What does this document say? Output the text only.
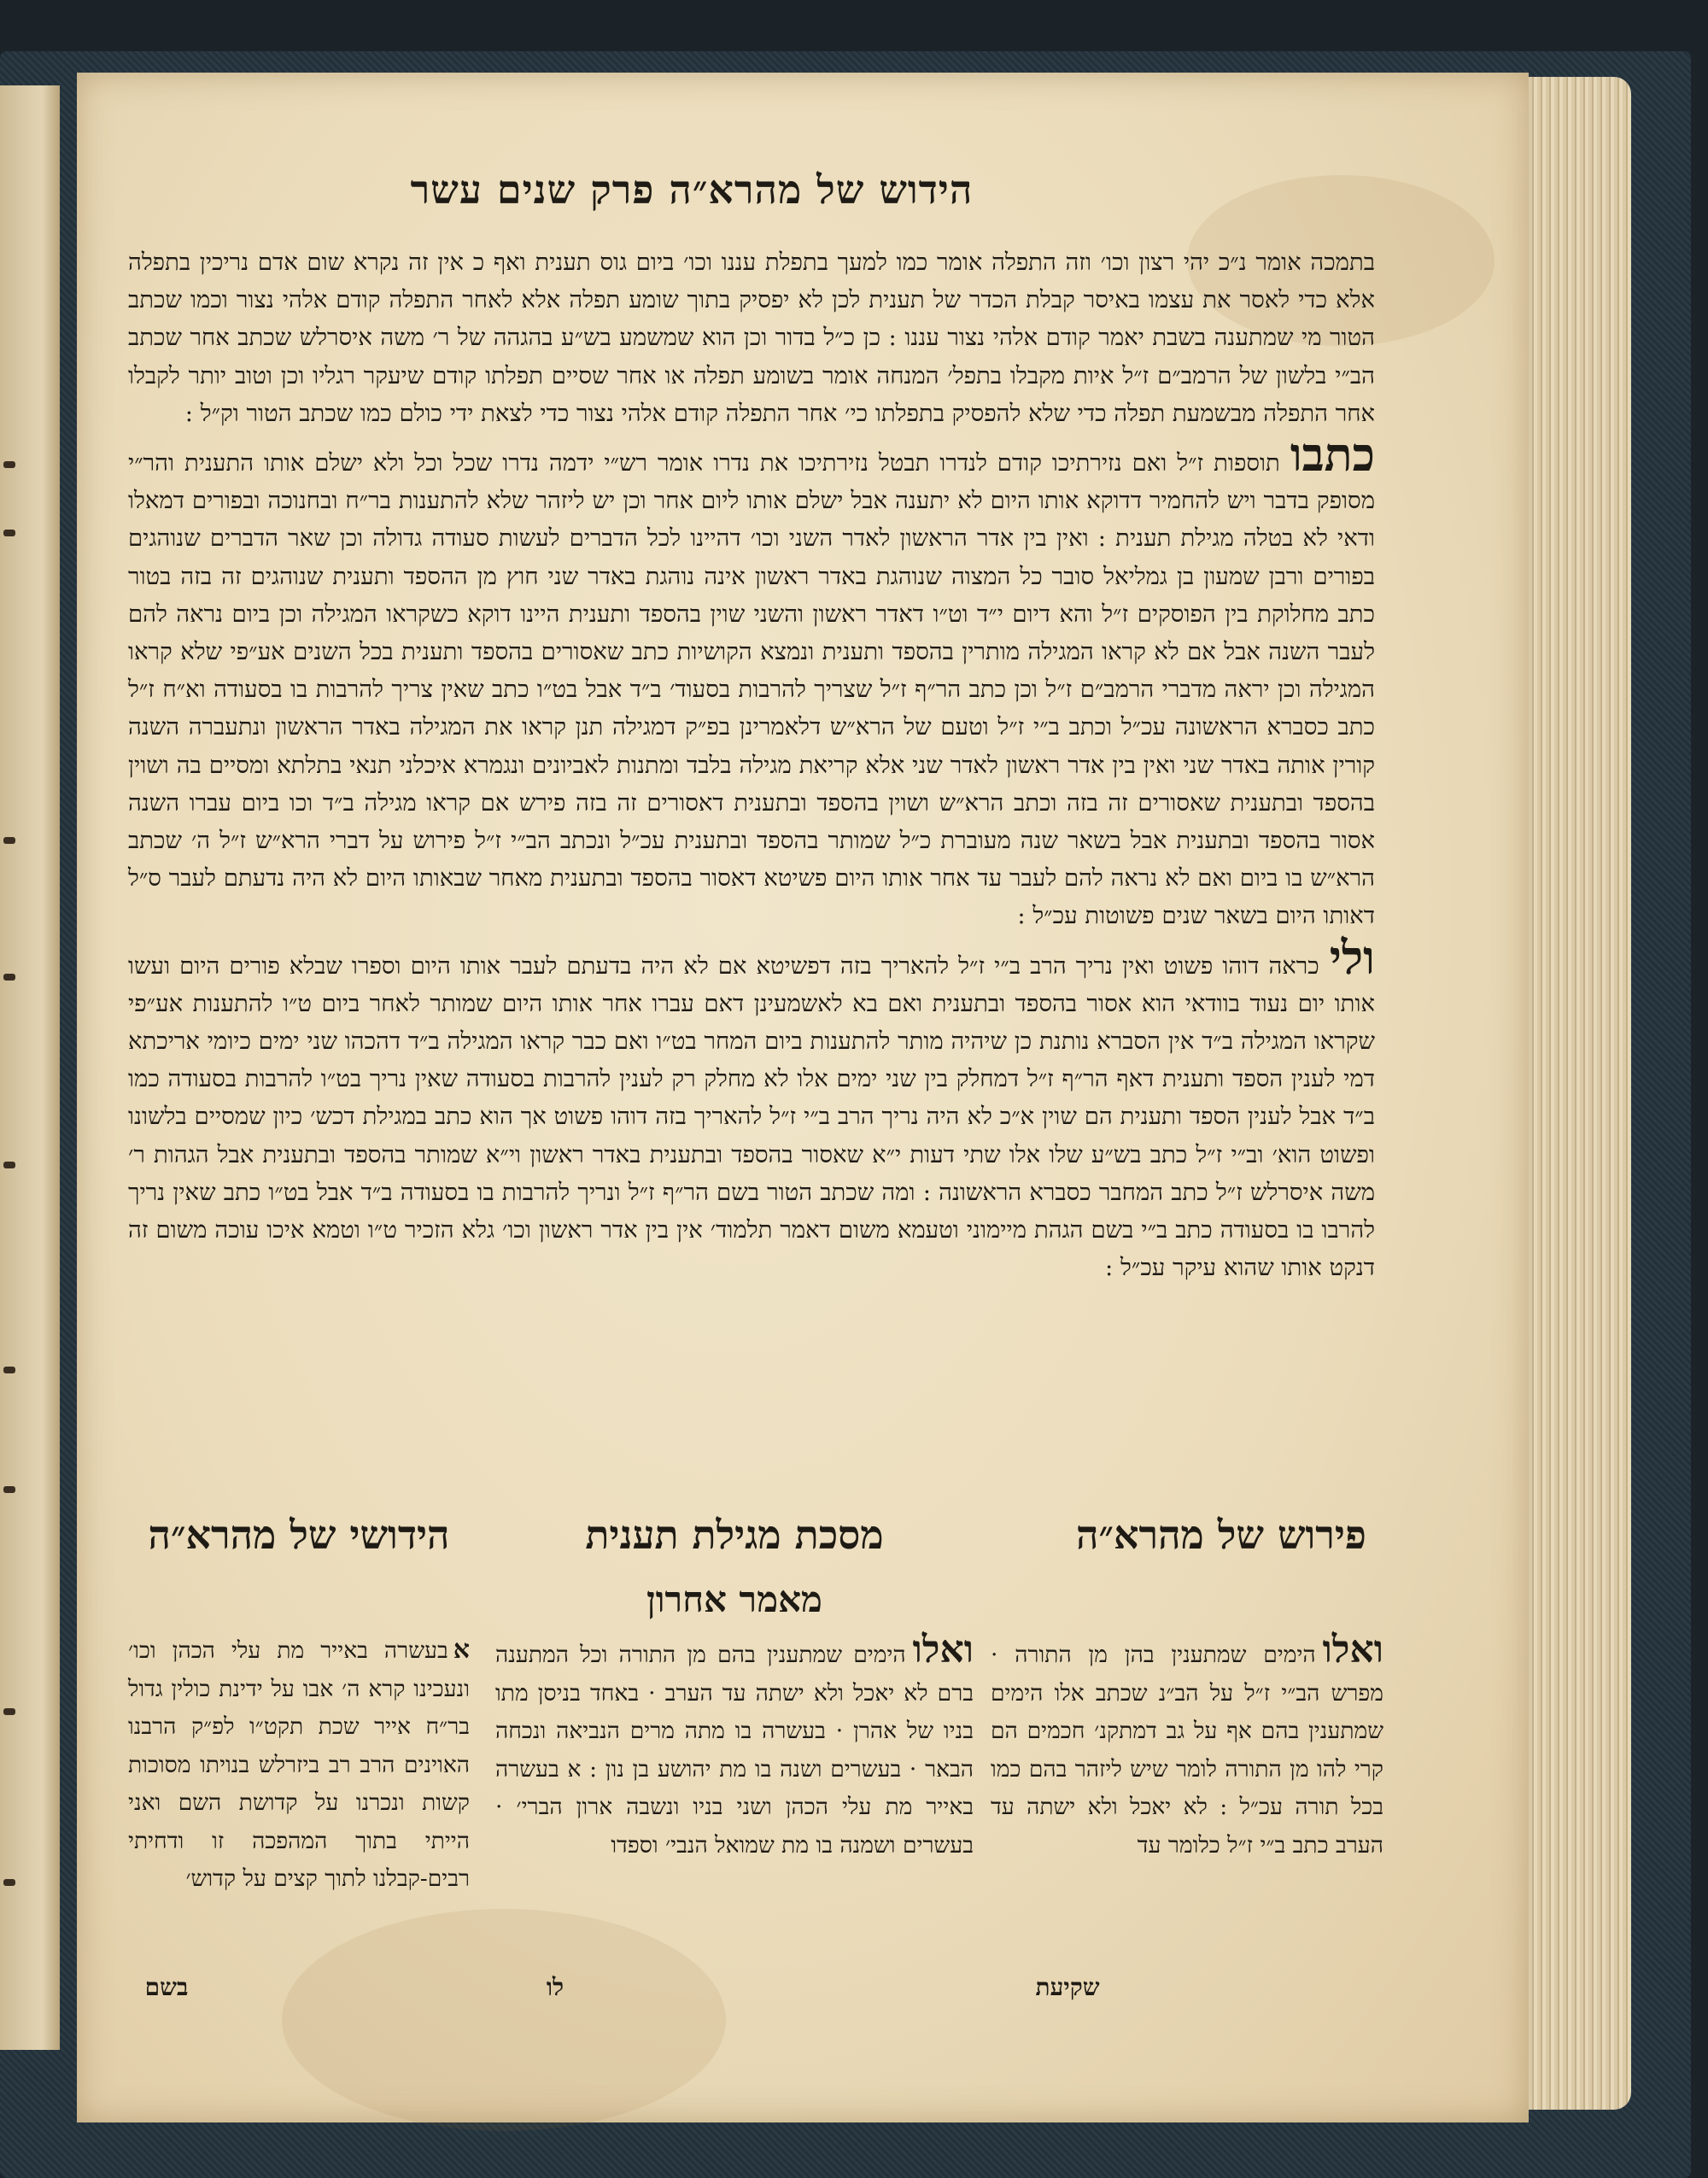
הידוש של מהרא״ה פרק שנים עשר

בתמכה אומר נ״כ יהי רצון וכו׳ וזה התפלה אומר כמו למעך בתפלת עננו וכו׳ ביום גוס תענית ואף כ אין זה נקרא שום אדם נריכין בתפלה אלא כדי לאסר את עצמו באיסר קבלת הכדר של תענית לכן לא יפסיק בתוך שומע תפלה אלא לאחר התפלה קודם אלהי נצור וכמו שכתב הטור מי שמתענה בשבת יאמר קודם אלהי נצור עננו : כן כ״ל בדור וכן הוא שמשמע בש״ע בהגהה של ר׳ משה איסרלש שכתב אחר שכתב הב״י בלשון של הרמב״ם ז״ל איות מקבלו בתפל׳ המנחה אומר בשומע תפלה או אחר שסיים תפלתו קודם שיעקר רגליו וכן וטוב יותר לקבלו אחר התפלה מבשמעת תפלה כדי שלא להפסיק בתפלתו כי׳ אחר התפלה קודם אלהי נצור כדי לצאת ידי כולם כמו שכתב הטור וק״ל :

כתבותוספות ז״ל ואם נזירתיכו קודם לנדרו תבטל נזירתיכו את נדרו אומר רש״י ידמה נדרו שכל וכל ולא ישלם אותו התענית והר״י מסופק בדבר ויש להחמיר דדוקא אותו היום לא יתענה אבל ישלם אותו ליום אחר וכן יש ליזהר שלא להתענות בר״ח ובחנוכה ובפורים דמאלו ודאי לא בטלה מגילת תענית : ואין בין אדר הראשון לאדר השני וכו׳ דהיינו לכל הדברים לעשות סעודה גדולה וכן שאר הדברים שנוהגים בפורים ורבן שמעון בן גמליאל סובר כל המצוה שנוהגת באדר ראשון אינה נוהגת באדר שני חוץ מן ההספד ותענית שנוהגים זה בזה בטור כתב מחלוקת בין הפוסקים ז״ל והא דיום י״ד וט״ו דאדר ראשון והשני שוין בהספד ותענית היינו דוקא כשקראו המגילה וכן ביום נראה להם לעבר השנה אבל אם לא קראו המגילה מותרין בהספד ותענית ונמצא הקושיות כתב שאסורים בהספד ותענית בכל השנים אע״פי שלא קראו המגילה וכן יראה מדברי הרמב״ם ז״ל וכן כתב הר״ף ז״ל שצריך להרבות בסעוד׳ ב״ד אבל בט״ו כתב שאין צריך להרבות בו בסעודה וא״ח ז״ל כתב כסברא הראשונה עכ״ל וכתב ב״י ז״ל וטעם של הרא״ש דלאמרינן בפ״ק דמגילה תנן קראו את המגילה באדר הראשון ונתעברה השנה קורין אותה באדר שני ואין בין אדר ראשון לאדר שני אלא קריאת מגילה בלבד ומתנות לאביונים ונגמרא איכלני תנאי בתלתא ומסיים בה ושוין בהספד ובתענית שאסורים זה בזה וכתב הרא״ש ושוין בהספד ובתענית דאסורים זה בזה פירש אם קראו מגילה ב״ד וכו ביום עברו השנה אסור בהספד ובתענית אבל בשאר שנה מעוברת כ״ל שמותר בהספד ובתענית עכ״ל ונכתב הב״י ז״ל פירוש על דברי הרא״ש ז״ל ה׳ שכתב הרא״ש בו ביום ואם לא נראה להם לעבר עד אחר אותו היום פשיטא דאסור בהספד ובתענית מאחר שבאותו היום לא היה נדעתם לעבר ס״ל דאותו היום בשאר שנים פשוטות עכ״ל :

וליכראה דוהו פשוט ואין נריך הרב ב״י ז״ל להאריך בזה דפשיטא אם לא היה בדעתם לעבר אותו היום וספרו שבלא פורים היום ועשו אותו יום נעוד בוודאי הוא אסור בהספד ובתענית ואם בא לאשמעינן דאם עברו אחר אותו היום שמותר לאחר ביום ט״ו להתענות אע״פי שקראו המגילה ב״ד אין הסברא נותנת כן שיהיה מותר להתענות ביום המחר בט״ו ואם כבר קראו המגילה ב״ד דהכהו שני ימים כיומי אריכתא דמי לענין הספד ותענית דאף הר״ף ז״ל דמחלק בין שני ימים אלו לא מחלק רק לענין להרבות בסעודה שאין נריך בט״ו להרבות בסעודה כמו ב״ד אבל לענין הספד ותענית הם שוין א״כ לא היה נריך הרב ב״י ז״ל להאריך בזה דוהו פשוט אך הוא כתב במגילת דכש׳ כיון שמסיים בלשונו ופשוט הוא׳ וב״י ז״ל כתב בש״ע שלו אלו שתי דעות י״א שאסור בהספד ובתענית באדר ראשון וי״א שמותר בהספד ובתענית אבל הגהות ר׳ משה איסרלש ז״ל כתב המחבר כסברא הראשונה : ומה שכתב הטור בשם הר״ף ז״ל ונריך להרבות בו בסעודה ב״ד אבל בט״ו כתב שאין נריך להרבו בו בסעודה כתב ב״י בשם הגהת מיימוני וטעמא משום דאמר תלמוד׳ אין בין אדר ראשון וכו׳ גלא הזכיר ט״ו וטמא איכו עוכה משום זה דנקט אותו שהוא עיקר עכ״ל :

פירוש של מהרא״ה
מסכת מגילת תענית
מאמר אחרון
הידושי של מהרא״ה

ואלוהימים שמתענין בהן מן התורה · מפרש הב״י ז״ל על הב״נ שכתב אלו הימים שמתענין בהם אף על גב דמתקנ׳ חכמים הם קרי להו מן התורה לומר שיש ליזהר בהם כמו בכל תורה עכ״ל : לא יאכל ולא ישתה עד הערב כתב ב״י ז״ל כלומר עד

ואלוהימים שמתענין בהם מן התורה וכל המתענה ברם לא יאכל ולא ישתה עד הערב · באחד בניסן מתו בניו של אהרן · בעשרה בו מתה מרים הנביאה ונכחה הבאר · בעשרים ושנה בו מת יהושע בן נון : א בעשרה באייר מת עלי הכהן ושני בניו ונשבה ארון הברי׳ · בעשרים ושמנה בו מת שמואל הנבי׳ וספדו

אבעשרה באייר מת עלי הכהן וכו׳ ונעכינו קרא ה׳ אבו על ידינת כולין גדול בר״ח אייר שכת תקט״ו לפ״ק הרבנו האוינים הרב רב ביזרלש בנויתו מסוכות קשות ונכרנו על קדושת השם ואני הייתי בתוך המהפכה זו ודחיתי רבים-קבלנו לתוך קצים על קדוש׳

שקיעת
לו
בשם
